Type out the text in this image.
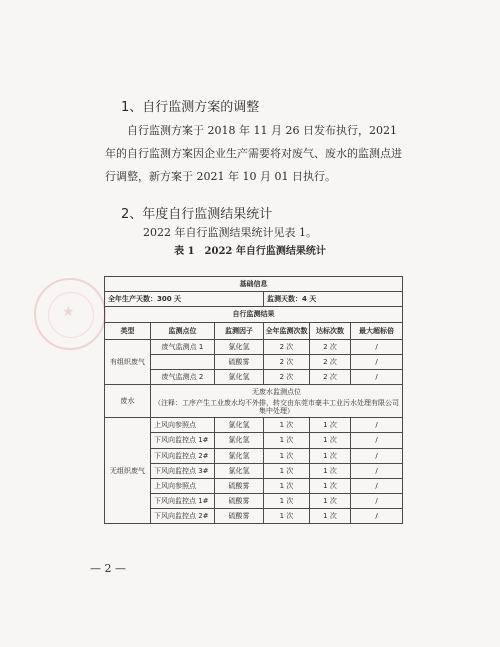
1、自行监测方案的调整
自行监测方案于 2018 年 11 月 26 日发布执行，2021 年的自行监测方案因企业生产需要将对废气、废水的监测点进行调整，新方案于 2021 年 10 月 01 日执行。
2、年度自行监测结果统计
2022 年自行监测结果统计见表 1。
表 1　2022 年自行监测结果统计
★
基础信息					
全年生产天数：300 天			监测天数：4 天		
自行监测结果					
类型	监测点位	监测因子	全年监测次数	达标次数	最大超标倍
有组织废气	废气监测点 1	氯化氢	2 次	2 次	/
		硫酸雾	2 次	2 次	/
	废气监测点 2	氯化氢	2 次	2 次	/
废水	无废水监测点位
（注释：工序产生工业废水均不外排，转交由东莞市豪丰工业污水处理有限公司集中处理）				

无组织废气	上风向参照点	氯化氢	1 次	1 次	/
	下风向监控点 1#	氯化氢	1 次	1 次	/
	下风向监控点 2#	氯化氢	1 次	1 次	/
	下风向监控点 3#	氯化氢	1 次	1 次	/
	上风向参照点	硫酸雾	1 次	1 次	/
	下风向监控点 1#	硫酸雾	1 次	1 次	/
	下风向监控点 2#	硫酸雾	1 次	1 次	/
— 2 —
